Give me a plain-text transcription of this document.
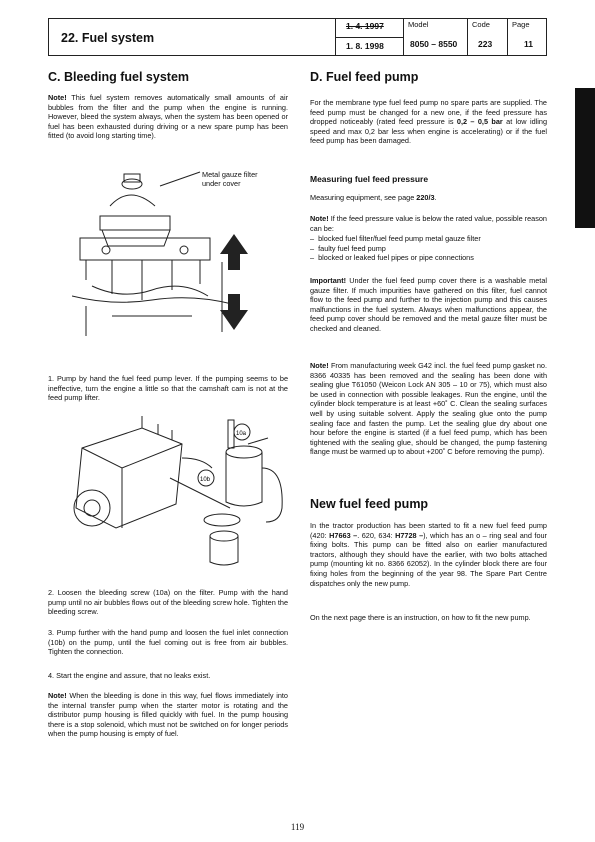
22. Fuel system
1. 4. 1997
1. 8. 1998
Model
8050 – 8550
Code
223
Page
11
C. Bleeding fuel system

Note! This fuel system removes automatically small amounts of air bubbles from the filter and the pump when the engine is running. However, bleed the system always, when the system has been opened or fuel has been exhausted during driving or a new spare pump has been fitted (to avoid long starting time).

Metal gauze filter
under cover

1. Pump by hand the fuel feed pump lever. If the pumping seems to be ineffective, turn the engine a little so that the camshaft cam is not at the feed pump lifter.

10a
10b

2. Loosen the bleeding screw (10a) on the filter. Pump with the hand pump until no air bubbles flows out of the bleeding screw hole. Tighten the bleeding screw.

3. Pump further with the hand pump and loosen the fuel inlet connection (10b) on the pump, until the fuel coming out is free from air bubbles. Tighten the connection.

4. Start the engine and assure, that no leaks exist.

Note! When the bleeding is done in this way, fuel flows immediately into the internal transfer pump when the starter motor is rotating and the distributor pump housing is filled quickly with fuel. In the pump housing there is a stop solenoid, which must not be switched on for longer periods when the pump housing is empty of fuel.

D. Fuel feed pump

For the membrane type fuel feed pump no spare parts are supplied. The feed pump must be changed for a new one, if the feed pressure has dropped noticeably (rated feed pressure is 0,2 – 0,5 bar at low idling speed and max 0,2 bar less when engine is accelerating) or if the fuel feed pump has been damaged.

Measuring fuel feed pressure

Measuring equipment, see page 220/3.

Note! If the feed pressure value is below the rated value, possible reason can be:

–  blocked fuel filter/fuel feed pump metal gauze filter
–  faulty fuel feed pump
–  blocked or leaked fuel pipes or pipe connections

Important! Under the fuel feed pump cover there is a washable metal gauze filter. If much impurities have gathered on this filter, fuel cannot flow to the feed pump and further to the injection pump and this causes malfunctions in the fuel system. Always when malfunctions appear, the feed pump cover should be removed and the metal gauze filter must be checked and cleaned.

Note! From manufacturing week G42 incl. the fuel feed pump gasket no. 8366 40335 has been removed and the sealing has been done with sealing glue T61050 (Weicon Lock AN 305 – 10 or 75), which must also be used in connection with possible leakages. Run the engine, until the cylinder block temperature is at least +60˚ C. Clean the sealing surfaces well by using suitable solvent. Apply the sealing glue onto the pump sealing face and fasten the pump. Let the sealing glue dry about one hour before the engine is started (if a fuel feed pump, which has been tightened with the sealing glue, should be changed, the pump fastening flange must be warmed up to about +200˚ C before removing the pump).

New fuel feed pump

In the tractor production has been started to fit a new fuel feed pump (420: H7663 –. 620, 634: H7728 –), which has an o – ring seal and four fixing bolts. This pump can be fitted also on earlier manufactured tractors, although they should have the earlier, with two bolts attached pump (mounting kit no. 8366 62052). In the cylinder block there are four fixing holes from the beginning of the year 98. The Spare Part Centre dispatches only the new pump.

On the next page there is an instruction, on how to fit the new pump.

119
